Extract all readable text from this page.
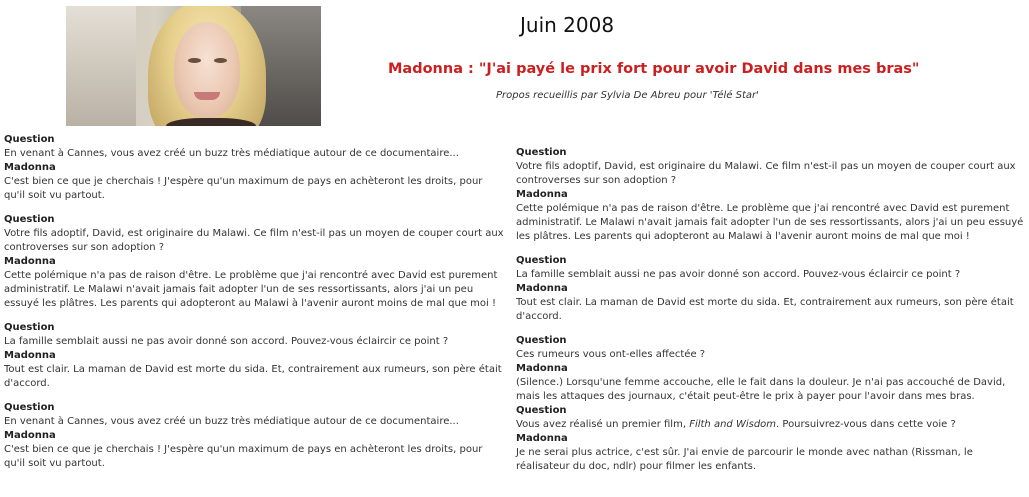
Juin 2008
Madonna : "J'ai payé le prix fort pour avoir David dans mes bras"
Propos recueillis par Sylvia De Abreu pour 'Télé Star'
Question
En venant à Cannes, vous avez créé un buzz très médiatique autour de ce documentaire...
Madonna
C'est bien ce que je cherchais ! J'espère qu'un maximum de pays en achèteront les droits, pour qu'il soit vu partout.
Question
Votre fils adoptif, David, est originaire du Malawi. Ce film n'est-il pas un moyen de couper court aux controverses sur son adoption ?
Madonna
Cette polémique n'a pas de raison d'être. Le problème que j'ai rencontré avec David est purement administratif. Le Malawi n'avait jamais fait adopter l'un de ses ressortissants, alors j'ai un peu essuyé les plâtres. Les parents qui adopteront au Malawi à l'avenir auront moins de mal que moi !
Question
La famille semblait aussi ne pas avoir donné son accord. Pouvez-vous éclaircir ce point ?
Madonna
Tout est clair. La maman de David est morte du sida. Et, contrairement aux rumeurs, son père était d'accord.
Question
En venant à Cannes, vous avez créé un buzz très médiatique autour de ce documentaire...
Madonna
C'est bien ce que je cherchais ! J'espère qu'un maximum de pays en achèteront les droits, pour qu'il soit vu partout.
Question
Votre fils adoptif, David, est originaire du Malawi. Ce film n'est-il pas un moyen de couper court aux controverses sur son adoption ?
Madonna
Cette polémique n'a pas de raison d'être. Le problème que j'ai rencontré avec David est purement administratif. Le Malawi n'avait jamais fait adopter l'un de ses ressortissants, alors j'ai un peu essuyé les plâtres. Les parents qui adopteront au Malawi à l'avenir auront moins de mal que moi !
Question
La famille semblait aussi ne pas avoir donné son accord. Pouvez-vous éclaircir ce point ?
Madonna
Tout est clair. La maman de David est morte du sida. Et, contrairement aux rumeurs, son père était d'accord.
Question
Ces rumeurs vous ont-elles affectée ?
Madonna
(Silence.) Lorsqu'une femme accouche, elle le fait dans la douleur. Je n'ai pas accouché de David, mais les attaques des journaux, c'était peut-être le prix à payer pour l'avoir dans mes bras.
Question
Vous avez réalisé un premier film, Filth and Wisdom. Poursuivrez-vous dans cette voie ?
Madonna
Je ne serai plus actrice, c'est sûr. J'ai envie de parcourir le monde avec nathan (Rissman, le réalisateur du doc, ndlr) pour filmer les enfants.
